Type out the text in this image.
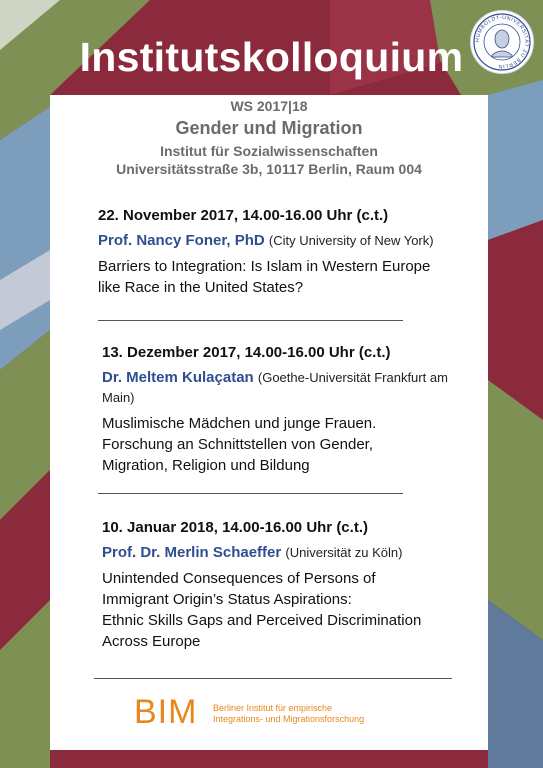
Institutskolloquium	HUMBOLDT-UNIVERSITÄT ZU BERLIN
WS 2017|18
Gender und Migration
Institut für Sozialwissenschaften
Universitätsstraße 3b, 10117 Berlin, Raum 004
22. November 2017, 14.00-16.00 Uhr (c.t.)
Prof. Nancy Foner, PhD (City University of New York)
Barriers to Integration: Is Islam in Western Europe
like Race in the United States?
13. Dezember 2017, 14.00-16.00 Uhr (c.t.)
Dr. Meltem Kulaçatan (Goethe-Universität Frankfurt am Main)
Muslimische Mädchen und junge Frauen.
Forschung an Schnittstellen von Gender,
Migration, Religion und Bildung
10. Januar 2018, 14.00-16.00 Uhr (c.t.)
Prof. Dr. Merlin Schaeffer (Universität zu Köln)
Unintended Consequences of Persons of
Immigrant Origin’s Status Aspirations:
Ethnic Skills Gaps and Perceived Discrimination
Across Europe
BIM Berliner Institut für empirische
Integrations- und Migrationsforschung
